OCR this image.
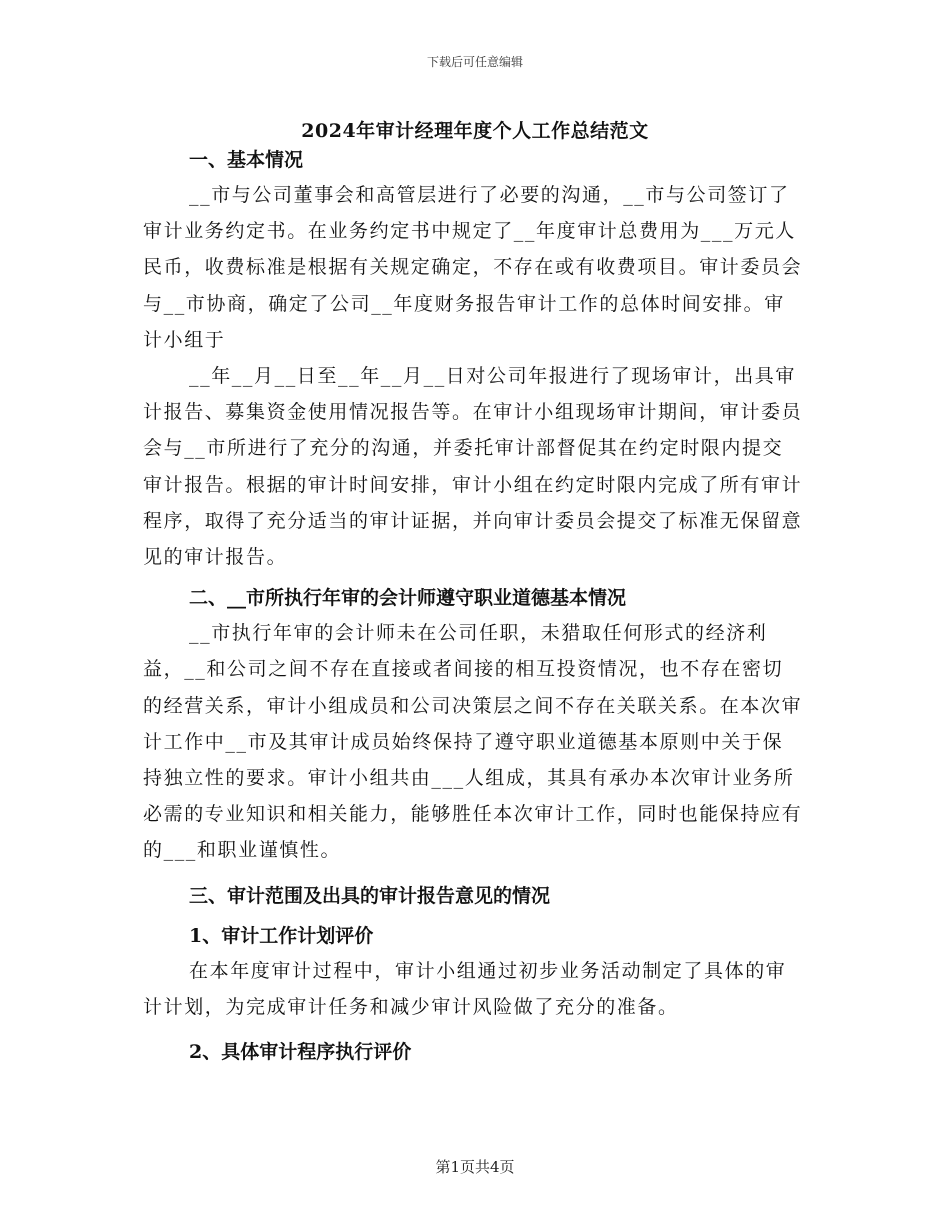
下载后可任意编辑
2024年审计经理年度个人工作总结范文

一、基本情况

__市与公司董事会和高管层进行了必要的沟通，__市与公司签订了审计业务约定书。在业务约定书中规定了__年度审计总费用为___万元人民币，收费标准是根据有关规定确定，不存在或有收费项目。审计委员会与__市协商，确定了公司__年度财务报告审计工作的总体时间安排。审计小组于

__年__月__日至__年__月__日对公司年报进行了现场审计，出具审计报告、募集资金使用情况报告等。在审计小组现场审计期间，审计委员会与__市所进行了充分的沟通，并委托审计部督促其在约定时限内提交审计报告。根据的审计时间安排，审计小组在约定时限内完成了所有审计程序，取得了充分适当的审计证据，并向审计委员会提交了标准无保留意见的审计报告。

二、__市所执行年审的会计师遵守职业道德基本情况

__市执行年审的会计师未在公司任职，未猎取任何形式的经济利益，__和公司之间不存在直接或者间接的相互投资情况，也不存在密切的经营关系，审计小组成员和公司决策层之间不存在关联关系。在本次审计工作中__市及其审计成员始终保持了遵守职业道德基本原则中关于保持独立性的要求。审计小组共由___人组成，其具有承办本次审计业务所必需的专业知识和相关能力，能够胜任本次审计工作，同时也能保持应有的___和职业谨慎性。

三、审计范围及出具的审计报告意见的情况

1、审计工作计划评价

在本年度审计过程中，审计小组通过初步业务活动制定了具体的审计计划，为完成审计任务和减少审计风险做了充分的准备。

2、具体审计程序执行评价

第1页共4页
